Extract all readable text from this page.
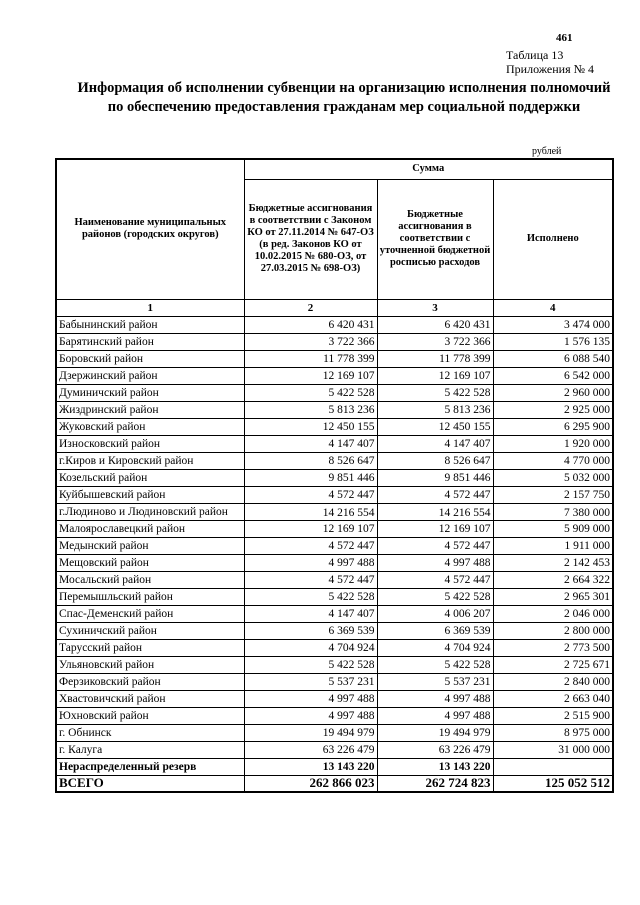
461
Таблица 13
Приложения № 4
Информация об исполнении субвенции на организацию исполнения полномочий по обеспечению предоставления гражданам мер социальной поддержки
рублей
Наименование муниципальных районов (городских округов)	Сумма		
	Бюджетные ассигнования в соответствии с Законом КО от 27.11.2014 № 647-ОЗ (в ред. Законов КО от 10.02.2015 № 680-ОЗ, от 27.03.2015 № 698-ОЗ)	Бюджетные ассигнования в соответствии с уточненной бюджетной росписью расходов	Исполнено
1	2	3	4
Бабынинский район	6 420 431	6 420 431	3 474 000
Барятинский район	3 722 366	3 722 366	1 576 135
Боровский район	11 778 399	11 778 399	6 088 540
Дзержинский район	12 169 107	12 169 107	6 542 000
Думиничский район	5 422 528	5 422 528	2 960 000
Жиздринский район	5 813 236	5 813 236	2 925 000
Жуковский район	12 450 155	12 450 155	6 295 900
Износковский район	4 147 407	4 147 407	1 920 000
г.Киров и Кировский район	8 526 647	8 526 647	4 770 000
Козельский район	9 851 446	9 851 446	5 032 000
Куйбышевский район	4 572 447	4 572 447	2 157 750
г.Людиново и Людиновский район	14 216 554	14 216 554	7 380 000
Малоярославецкий район	12 169 107	12 169 107	5 909 000
Медынский район	4 572 447	4 572 447	1 911 000
Мещовский район	4 997 488	4 997 488	2 142 453
Мосальский район	4 572 447	4 572 447	2 664 322
Перемышльский район	5 422 528	5 422 528	2 965 301
Спас-Деменский район	4 147 407	4 006 207	2 046 000
Сухиничский район	6 369 539	6 369 539	2 800 000
Тарусский район	4 704 924	4 704 924	2 773 500
Ульяновский район	5 422 528	5 422 528	2 725 671
Ферзиковский район	5 537 231	5 537 231	2 840 000
Хвастовичский район	4 997 488	4 997 488	2 663 040
Юхновский район	4 997 488	4 997 488	2 515 900
г. Обнинск	19 494 979	19 494 979	8 975 000
г. Калуга	63 226 479	63 226 479	31 000 000
Нераспределенный резерв	13 143 220	13 143 220	
ВСЕГО	262 866 023	262 724 823	125 052 512
